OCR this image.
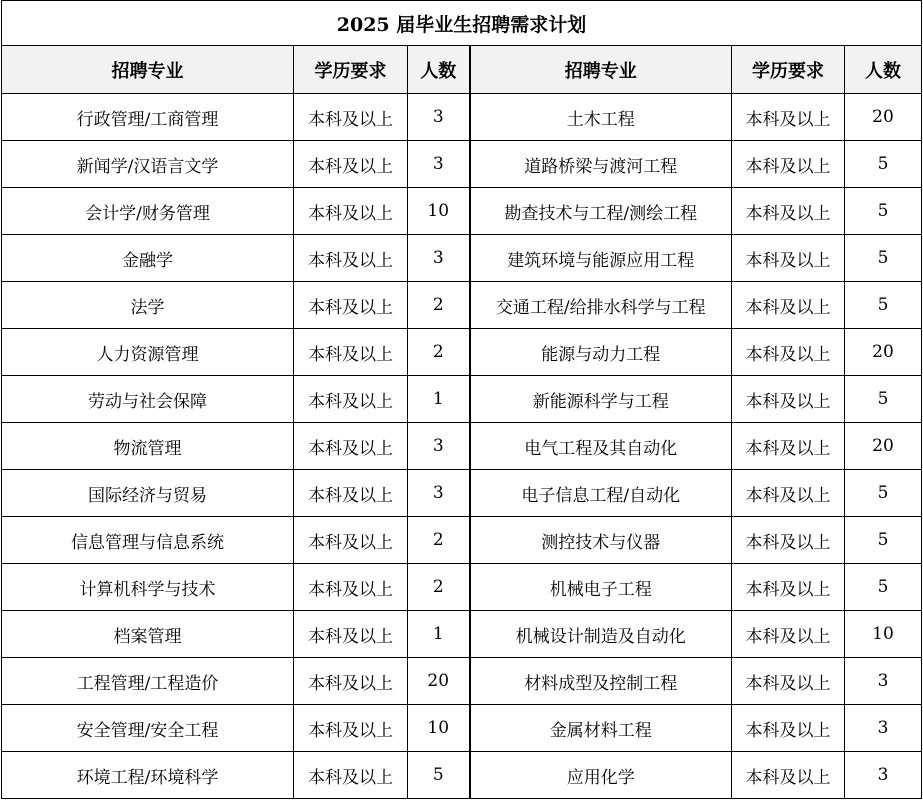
2025 届毕业生招聘需求计划					
招聘专业	学历要求	人数	招聘专业	学历要求	人数
行政管理/工商管理	本科及以上	3	土木工程	本科及以上	20
新闻学/汉语言文学	本科及以上	3	道路桥梁与渡河工程	本科及以上	5
会计学/财务管理	本科及以上	10	勘查技术与工程/测绘工程	本科及以上	5
金融学	本科及以上	3	建筑环境与能源应用工程	本科及以上	5
法学	本科及以上	2	交通工程/给排水科学与工程	本科及以上	5
人力资源管理	本科及以上	2	能源与动力工程	本科及以上	20
劳动与社会保障	本科及以上	1	新能源科学与工程	本科及以上	5
物流管理	本科及以上	3	电气工程及其自动化	本科及以上	20
国际经济与贸易	本科及以上	3	电子信息工程/自动化	本科及以上	5
信息管理与信息系统	本科及以上	2	测控技术与仪器	本科及以上	5
计算机科学与技术	本科及以上	2	机械电子工程	本科及以上	5
档案管理	本科及以上	1	机械设计制造及自动化	本科及以上	10
工程管理/工程造价	本科及以上	20	材料成型及控制工程	本科及以上	3
安全管理/安全工程	本科及以上	10	金属材料工程	本科及以上	3
环境工程/环境科学	本科及以上	5	应用化学	本科及以上	3
